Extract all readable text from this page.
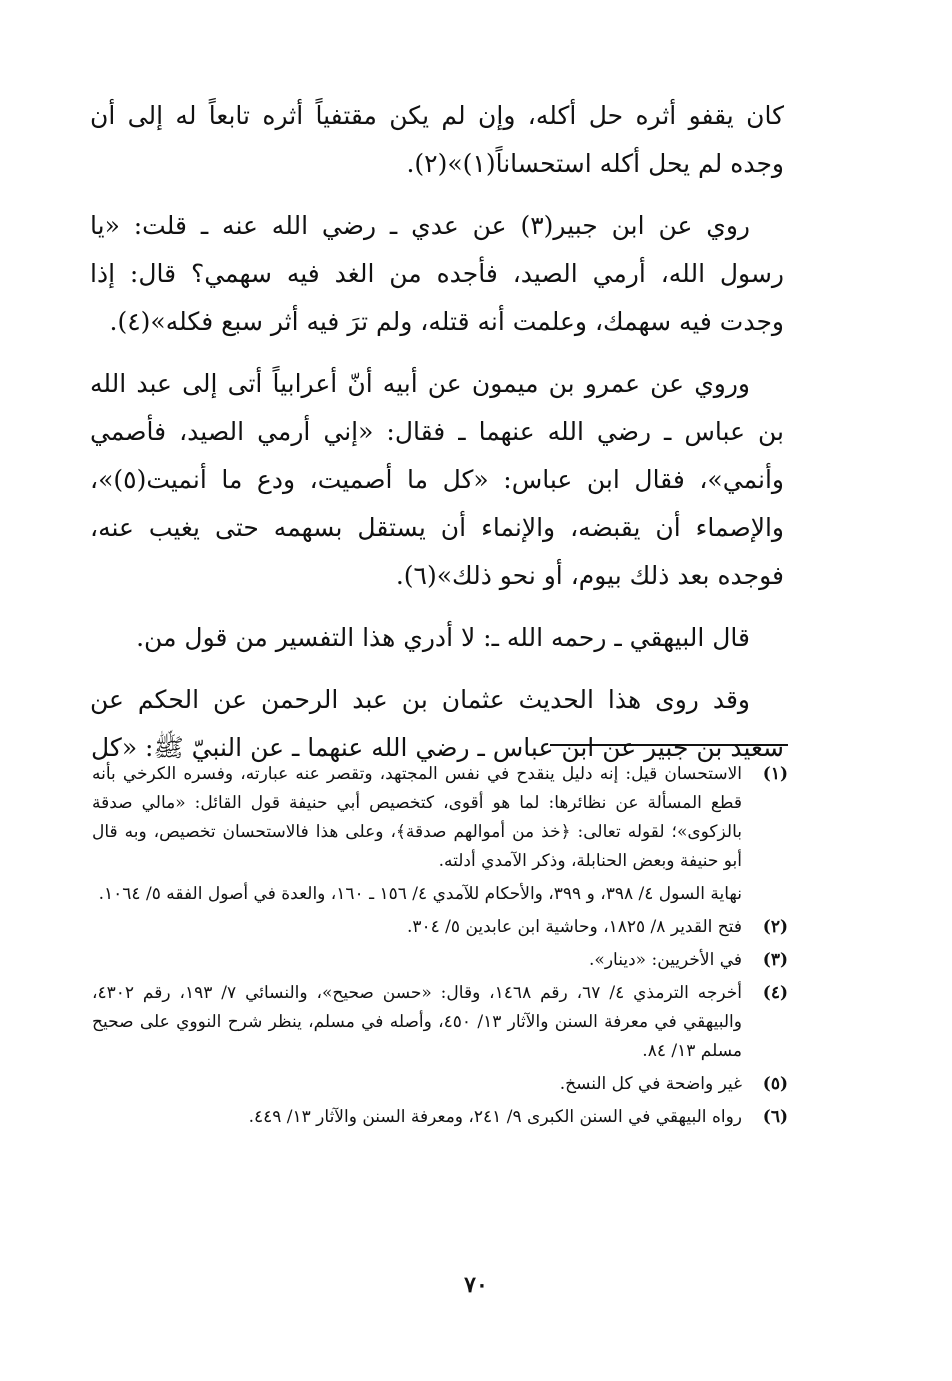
كان يقفو أثره حل أكله، وإن لم يكن مقتفياً أثره تابعاً له إلى أن وجده لم يحل أكله استحساناً(١)»(٢).

روي عن ابن جبير(٣) عن عدي ـ رضي الله عنه ـ قلت: «يا رسول الله، أرمي الصيد، فأجده من الغد فيه سهمي؟ قال: إذا وجدت فيه سهمك، وعلمت أنه قتله، ولم ترَ فيه أثر سبع فكله»(٤).

وروي عن عمرو بن ميمون عن أبيه أنّ أعرابياً أتى إلى عبد الله بن عباس ـ رضي الله عنهما ـ فقال: «إني أرمي الصيد، فأصمي وأنمي»، فقال ابن عباس: «كل ما أصميت، ودع ما أنميت(٥)»، والإصماء أن يقبضه، والإنماء أن يستقل بسهمه حتى يغيب عنه، فوجده بعد ذلك بيوم، أو نحو ذلك»(٦).

قال البيهقي ـ رحمه الله ـ: لا أدري هذا التفسير من قول من.

وقد روى هذا الحديث عثمان بن عبد الرحمن عن الحكم عن سعيد بن جبير عن ابن عباس ـ رضي الله عنهما ـ عن النبيّ ﷺ: «كل

(١)
الاستحسان قيل: إنه دليل ينقدح في نفس المجتهد، وتقصر عنه عبارته، وفسره الكرخي بأنه قطع المسألة عن نظائرها: لما هو أقوى، كتخصيص أبي حنيفة قول القائل: «مالي صدقة بالزكوى»؛ لقوله تعالى: ﴿خذ من أموالهم صدقة﴾، وعلى هذا فالاستحسان تخصيص، وبه قال أبو حنيفة وبعض الحنابلة، وذكر الآمدي أدلته.
نهاية السول ٤/ ٣٩٨، و ٣٩٩، والأحكام للآمدي ٤/ ١٥٦ ـ ١٦٠، والعدة في أصول الفقه ٥/ ١٠٦٤.
(٢)
فتح القدير ٨/ ١٨٢٥، وحاشية ابن عابدين ٥/ ٣٠٤.
(٣)
في الأخريين: «دينار».
(٤)
أخرجه الترمذي ٤/ ٦٧، رقم ١٤٦٨، وقال: «حسن صحيح»، والنسائي ٧/ ١٩٣، رقم ٤٣٠٢، والبيهقي في معرفة السنن والآثار ١٣/ ٤٥٠، وأصله في مسلم، ينظر شرح النووي على صحيح مسلم ١٣/ ٨٤.
(٥)
غير واضحة في كل النسخ.
(٦)
رواه البيهقي في السنن الكبرى ٩/ ٢٤١، ومعرفة السنن والآثار ١٣/ ٤٤٩.
٧٠
